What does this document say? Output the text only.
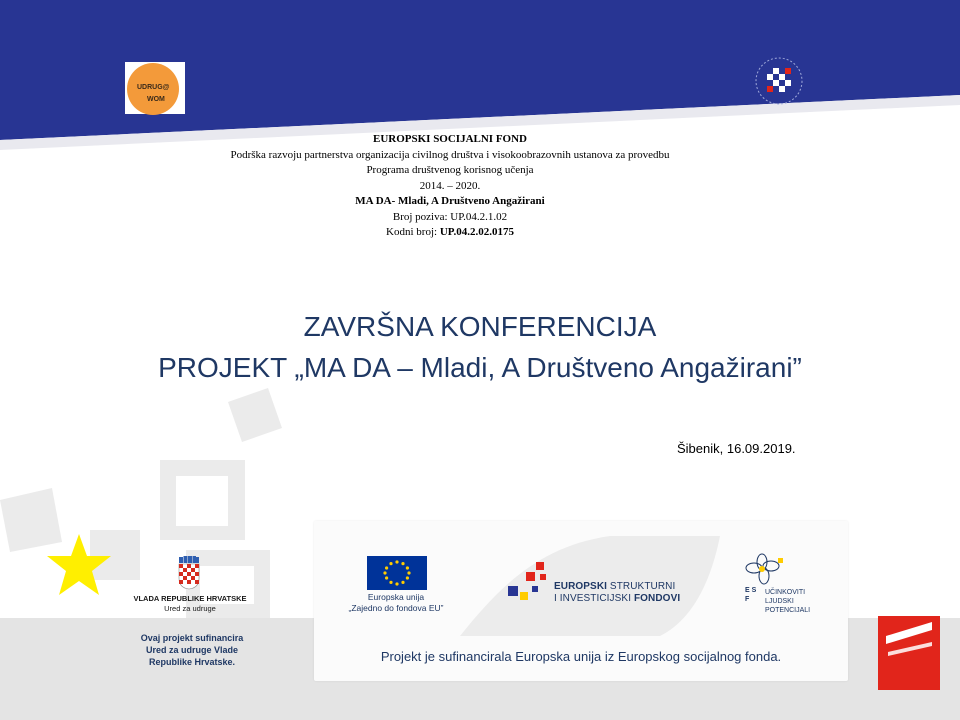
UDRUG@
WOM
EUROPSKI SOCIJALNI FOND
Podrška razvoju partnerstva organizacija civilnog društva i visokoobrazovnih ustanova za provedbu
Programa društvenog korisnog učenja
2014. – 2020.
MA DA- Mladi, A Društveno Angažirani
Broj poziva: UP.04.2.1.02
Kodni broj: UP.04.2.02.0175
ZAVRŠNA KONFERENCIJA
PROJEKT „MA DA – Mladi, A Društveno Angažirani”
Šibenik, 16.09.2019.
VLADA REPUBLIKE HRVATSKE
Ured za udruge
Ovaj projekt sufinancira
Ured za udruge Vlade
Republike Hrvatske.
Europska unija
„Zajedno do fondova EU”
EUROPSKI STRUKTURNI
I INVESTICIJSKI FONDOVI
E S F
UČINKOVITI
LJUDSKI
POTENCIJALI
Projekt je sufinancirala Europska unija iz Europskog socijalnog fonda.
